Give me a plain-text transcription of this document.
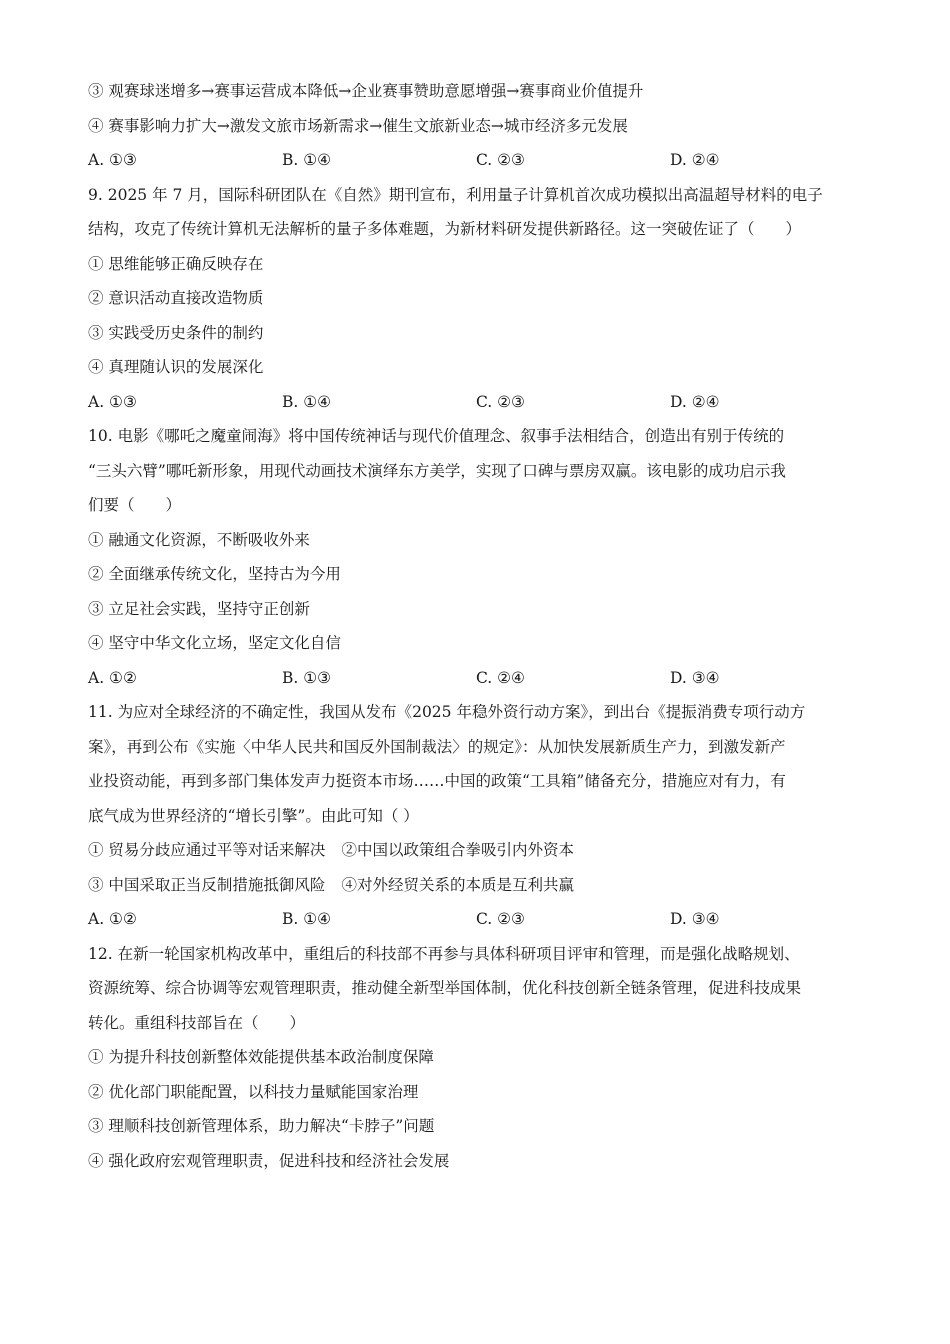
③ 观赛球迷增多→赛事运营成本降低→企业赛事赞助意愿增强→赛事商业价值提升
④ 赛事影响力扩大→激发文旅市场新需求→催生文旅新业态→城市经济多元发展
A. ①③	B. ①④	C. ②③	D. ②④
9. 2025 年 7 月，国际科研团队在《自然》期刊宣布，利用量子计算机首次成功模拟出高温超导材料的电子
结构，攻克了传统计算机无法解析的量子多体难题，为新材料研发提供新路径。这一突破佐证了（　　）
① 思维能够正确反映存在
② 意识活动直接改造物质
③ 实践受历史条件的制约
④ 真理随认识的发展深化
A. ①③	B. ①④	C. ②③	D. ②④
10. 电影《哪吒之魔童闹海》将中国传统神话与现代价值理念、叙事手法相结合，创造出有别于传统的
“三头六臂”哪吒新形象，用现代动画技术演绎东方美学，实现了口碑与票房双赢。该电影的成功启示我
们要（　　）
① 融通文化资源，不断吸收外来
② 全面继承传统文化，坚持古为今用
③ 立足社会实践，坚持守正创新
④ 坚守中华文化立场，坚定文化自信
A. ①②	B. ①③	C. ②④	D. ③④
11. 为应对全球经济的不确定性，我国从发布《2025 年稳外资行动方案》，到出台《提振消费专项行动方
案》，再到公布《实施〈中华人民共和国反外国制裁法〉的规定》：从加快发展新质生产力，到激发新产
业投资动能，再到多部门集体发声力挺资本市场……中国的政策“工具箱”储备充分，措施应对有力，有
底气成为世界经济的“增长引擎”。由此可知（ ）
① 贸易分歧应通过平等对话来解决 ②中国以政策组合拳吸引内外资本
③ 中国采取正当反制措施抵御风险 ④对外经贸关系的本质是互利共赢
A. ①②	B. ①④	C. ②③	D. ③④
12. 在新一轮国家机构改革中，重组后的科技部不再参与具体科研项目评审和管理，而是强化战略规划、
资源统筹、综合协调等宏观管理职责，推动健全新型举国体制，优化科技创新全链条管理，促进科技成果
转化。重组科技部旨在（　　）
① 为提升科技创新整体效能提供基本政治制度保障
② 优化部门职能配置，以科技力量赋能国家治理
③ 理顺科技创新管理体系，助力解决“卡脖子”问题
④ 强化政府宏观管理职责，促进科技和经济社会发展
